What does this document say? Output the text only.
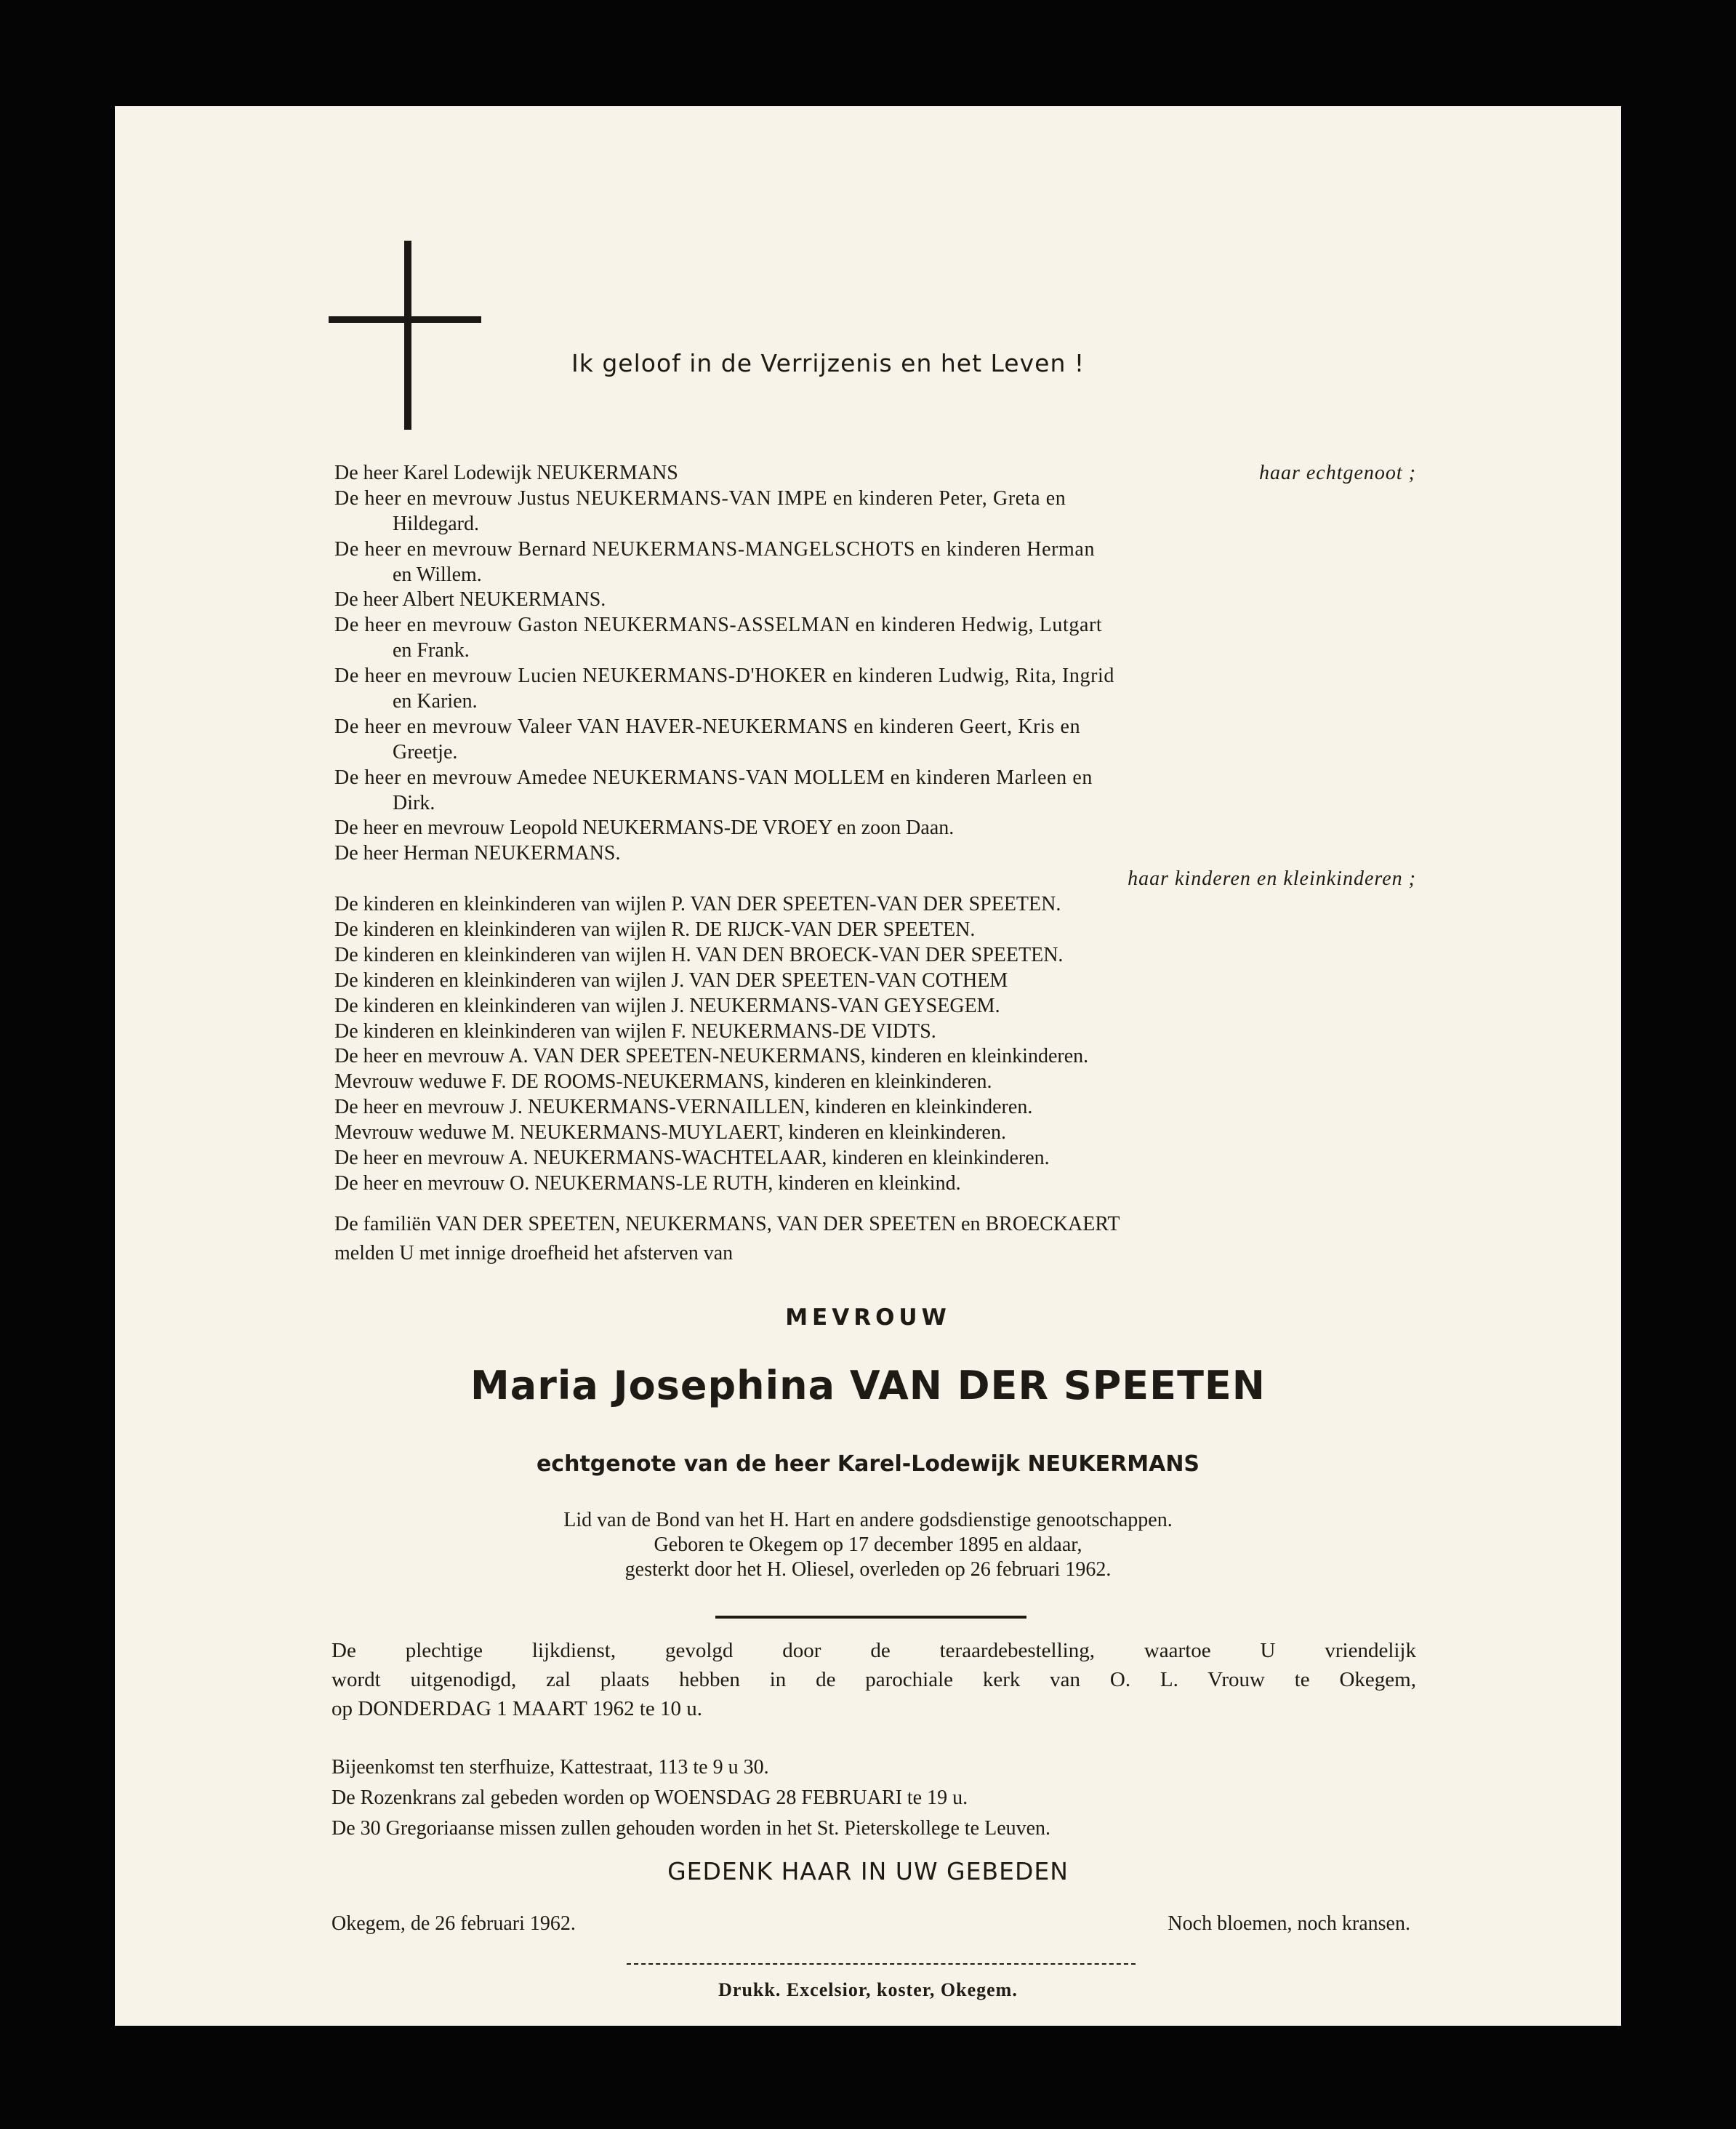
Ik geloof in de Verrijzenis en het Leven !
De heer Karel Lodewijk NEUKERMANS	haar echtgenoot ;
De heer en mevrouw Justus NEUKERMANS-VAN IMPE en kinderen Peter, Greta en
Hildegard.
De heer en mevrouw Bernard NEUKERMANS-MANGELSCHOTS en kinderen Herman
en Willem.
De heer Albert NEUKERMANS.
De heer en mevrouw Gaston NEUKERMANS-ASSELMAN en kinderen Hedwig, Lutgart
en Frank.
De heer en mevrouw Lucien NEUKERMANS-D'HOKER en kinderen Ludwig, Rita, Ingrid
en Karien.
De heer en mevrouw Valeer VAN HAVER-NEUKERMANS en kinderen Geert, Kris en
Greetje.
De heer en mevrouw Amedee NEUKERMANS-VAN MOLLEM en kinderen Marleen en
Dirk.
De heer en mevrouw Leopold NEUKERMANS-DE VROEY en zoon Daan.
De heer Herman NEUKERMANS.
haar kinderen en kleinkinderen ;
De kinderen en kleinkinderen van wijlen P. VAN DER SPEETEN-VAN DER SPEETEN.
De kinderen en kleinkinderen van wijlen R. DE RIJCK-VAN DER SPEETEN.
De kinderen en kleinkinderen van wijlen H. VAN DEN BROECK-VAN DER SPEETEN.
De kinderen en kleinkinderen van wijlen J. VAN DER SPEETEN-VAN COTHEM
De kinderen en kleinkinderen van wijlen J. NEUKERMANS-VAN GEYSEGEM.
De kinderen en kleinkinderen van wijlen F. NEUKERMANS-DE VIDTS.
De heer en mevrouw A. VAN DER SPEETEN-NEUKERMANS, kinderen en kleinkinderen.
Mevrouw weduwe F. DE ROOMS-NEUKERMANS, kinderen en kleinkinderen.
De heer en mevrouw J. NEUKERMANS-VERNAILLEN, kinderen en kleinkinderen.
Mevrouw weduwe M. NEUKERMANS-MUYLAERT, kinderen en kleinkinderen.
De heer en mevrouw A. NEUKERMANS-WACHTELAAR, kinderen en kleinkinderen.
De heer en mevrouw O. NEUKERMANS-LE RUTH, kinderen en kleinkind.
De familiën VAN DER SPEETEN, NEUKERMANS, VAN DER SPEETEN en BROECKAERT
melden U met innige droefheid het afsterven van
MEVROUW
Maria Josephina VAN DER SPEETEN
echtgenote van de heer Karel-Lodewijk NEUKERMANS
Lid van de Bond van het H. Hart en andere godsdienstige genootschappen.
Geboren te Okegem op 17 december 1895 en aldaar,
gesterkt door het H. Oliesel, overleden op 26 februari 1962.
De plechtige lijkdienst, gevolgd door de teraardebestelling, waartoe U vriendelijk
wordt uitgenodigd, zal plaats hebben in de parochiale kerk van O. L. Vrouw te Okegem,
op DONDERDAG 1 MAART 1962 te 10 u.
Bijeenkomst ten sterfhuize, Kattestraat, 113 te 9 u 30.
De Rozenkrans zal gebeden worden op WOENSDAG 28 FEBRUARI te 19 u.
De 30 Gregoriaanse missen zullen gehouden worden in het St. Pieterskollege te Leuven.
GEDENK HAAR IN UW GEBEDEN
Okegem, de 26 februari 1962.	Noch bloemen, noch kransen.
Drukk. Excelsior, koster, Okegem.
